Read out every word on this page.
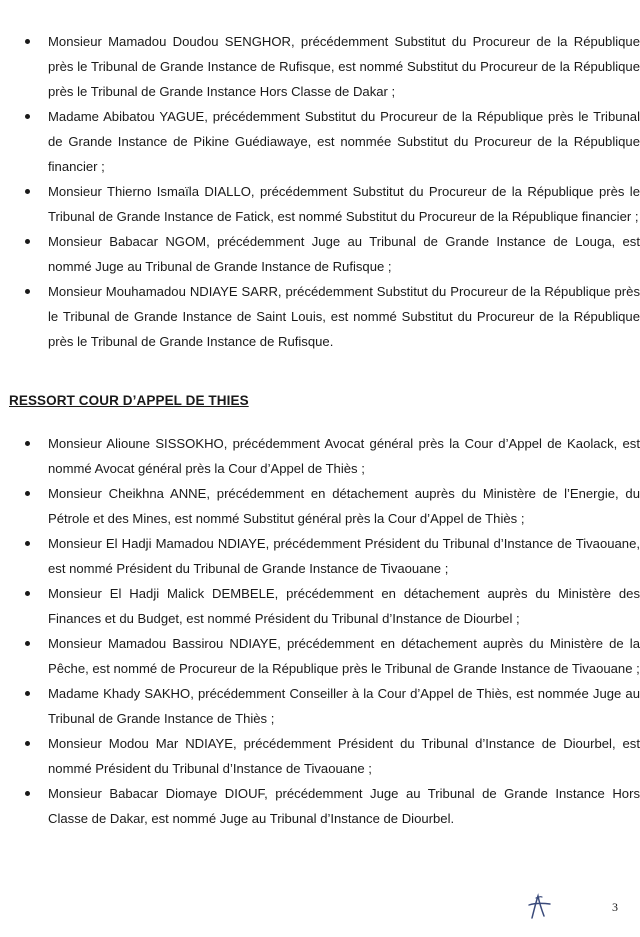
Monsieur Mamadou Doudou SENGHOR, précédemment Substitut du Procureur de la République près le Tribunal de Grande Instance de Rufisque, est nommé Substitut du Procureur de la République près le Tribunal de Grande Instance Hors Classe de Dakar ;
Madame Abibatou YAGUE, précédemment Substitut du Procureur de la République près le Tribunal de Grande Instance de Pikine Guédiawaye, est nommée Substitut du Procureur de la République financier ;
Monsieur Thierno Ismaïla DIALLO, précédemment Substitut du Procureur de la République près le Tribunal de Grande Instance de Fatick, est nommé Substitut du Procureur de la République financier ;
Monsieur Babacar NGOM, précédemment Juge au Tribunal de Grande Instance de Louga, est nommé Juge au Tribunal de Grande Instance de Rufisque ;
Monsieur Mouhamadou NDIAYE SARR, précédemment Substitut du Procureur de la République près le Tribunal de Grande Instance de Saint Louis, est nommé Substitut du Procureur de la République près le Tribunal de Grande Instance de Rufisque.
RESSORT COUR D’APPEL DE THIES
Monsieur Alioune SISSOKHO, précédemment Avocat général près la Cour d’Appel de Kaolack, est nommé Avocat général près la Cour d’Appel de Thiès ;
Monsieur Cheikhna ANNE, précédemment en détachement auprès du Ministère de l’Energie, du Pétrole et des Mines, est nommé Substitut général près la Cour d’Appel de Thiès ;
Monsieur El Hadji Mamadou NDIAYE, précédemment Président du Tribunal d’Instance de Tivaouane, est nommé Président du Tribunal de Grande Instance de Tivaouane ;
Monsieur El Hadji Malick DEMBELE, précédemment en détachement auprès du Ministère des Finances et du Budget, est nommé Président du Tribunal d’Instance de Diourbel ;
Monsieur Mamadou Bassirou NDIAYE, précédemment en détachement auprès du Ministère de la Pêche, est nommé de Procureur de la République près le Tribunal de Grande Instance de Tivaouane ;
Madame Khady SAKHO, précédemment Conseiller à la Cour d’Appel de Thiès, est nommée Juge au Tribunal de Grande Instance de Thiès ;
Monsieur Modou Mar NDIAYE, précédemment Président du Tribunal d’Instance de Diourbel, est nommé Président du Tribunal d’Instance de Tivaouane ;
Monsieur Babacar Diomaye DIOUF, précédemment Juge au Tribunal de Grande Instance Hors Classe de Dakar, est nommé Juge au Tribunal d’Instance de Diourbel.
3
